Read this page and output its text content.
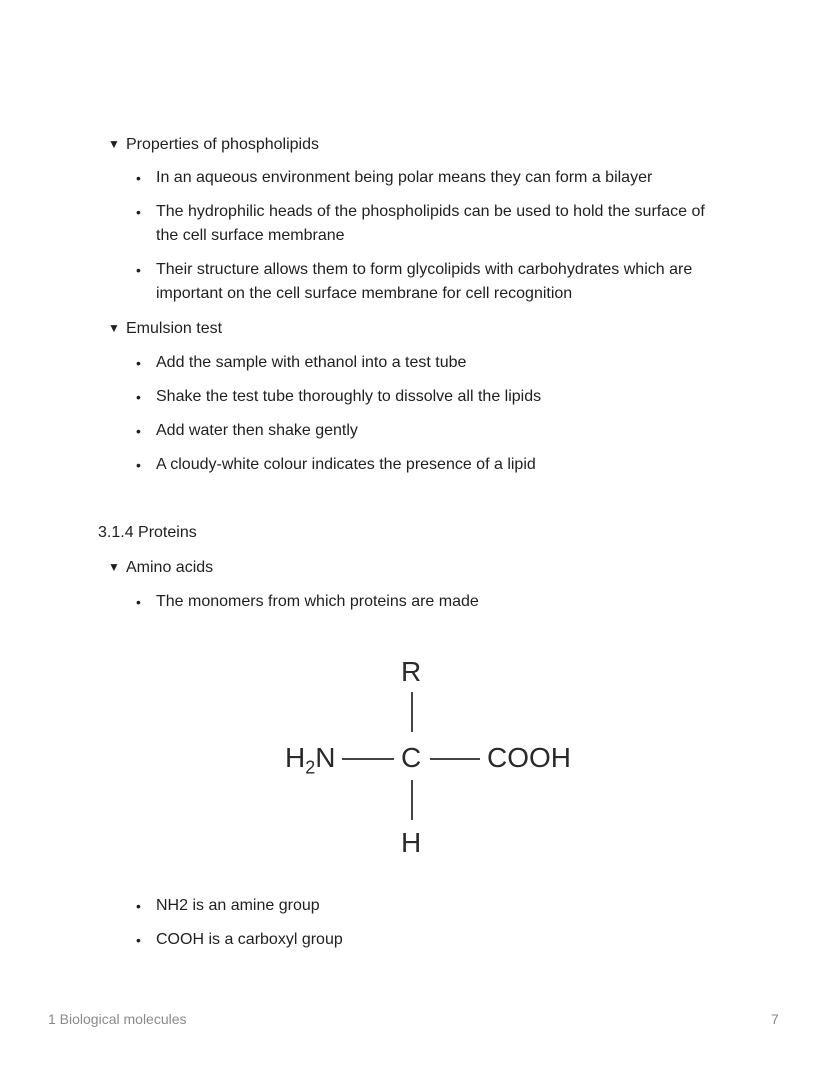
▼ Properties of phospholipids
• In an aqueous environment being polar means they can form a bilayer
• The hydrophilic heads of the phospholipids can be used to hold the surface of the cell surface membrane
• Their structure allows them to form glycolipids with carbohydrates which are important on the cell surface membrane for cell recognition
▼ Emulsion test
• Add the sample with ethanol into a test tube
• Shake the test tube thoroughly to dissolve all the lipids
• Add water then shake gently
• A cloudy-white colour indicates the presence of a lipid
3.1.4 Proteins
▼ Amino acids
• The monomers from which proteins are made
R
$H_2N$ C COOH
H
• NH2 is an amine group
• COOH is a carboxyl group
1 Biological molecules	7
